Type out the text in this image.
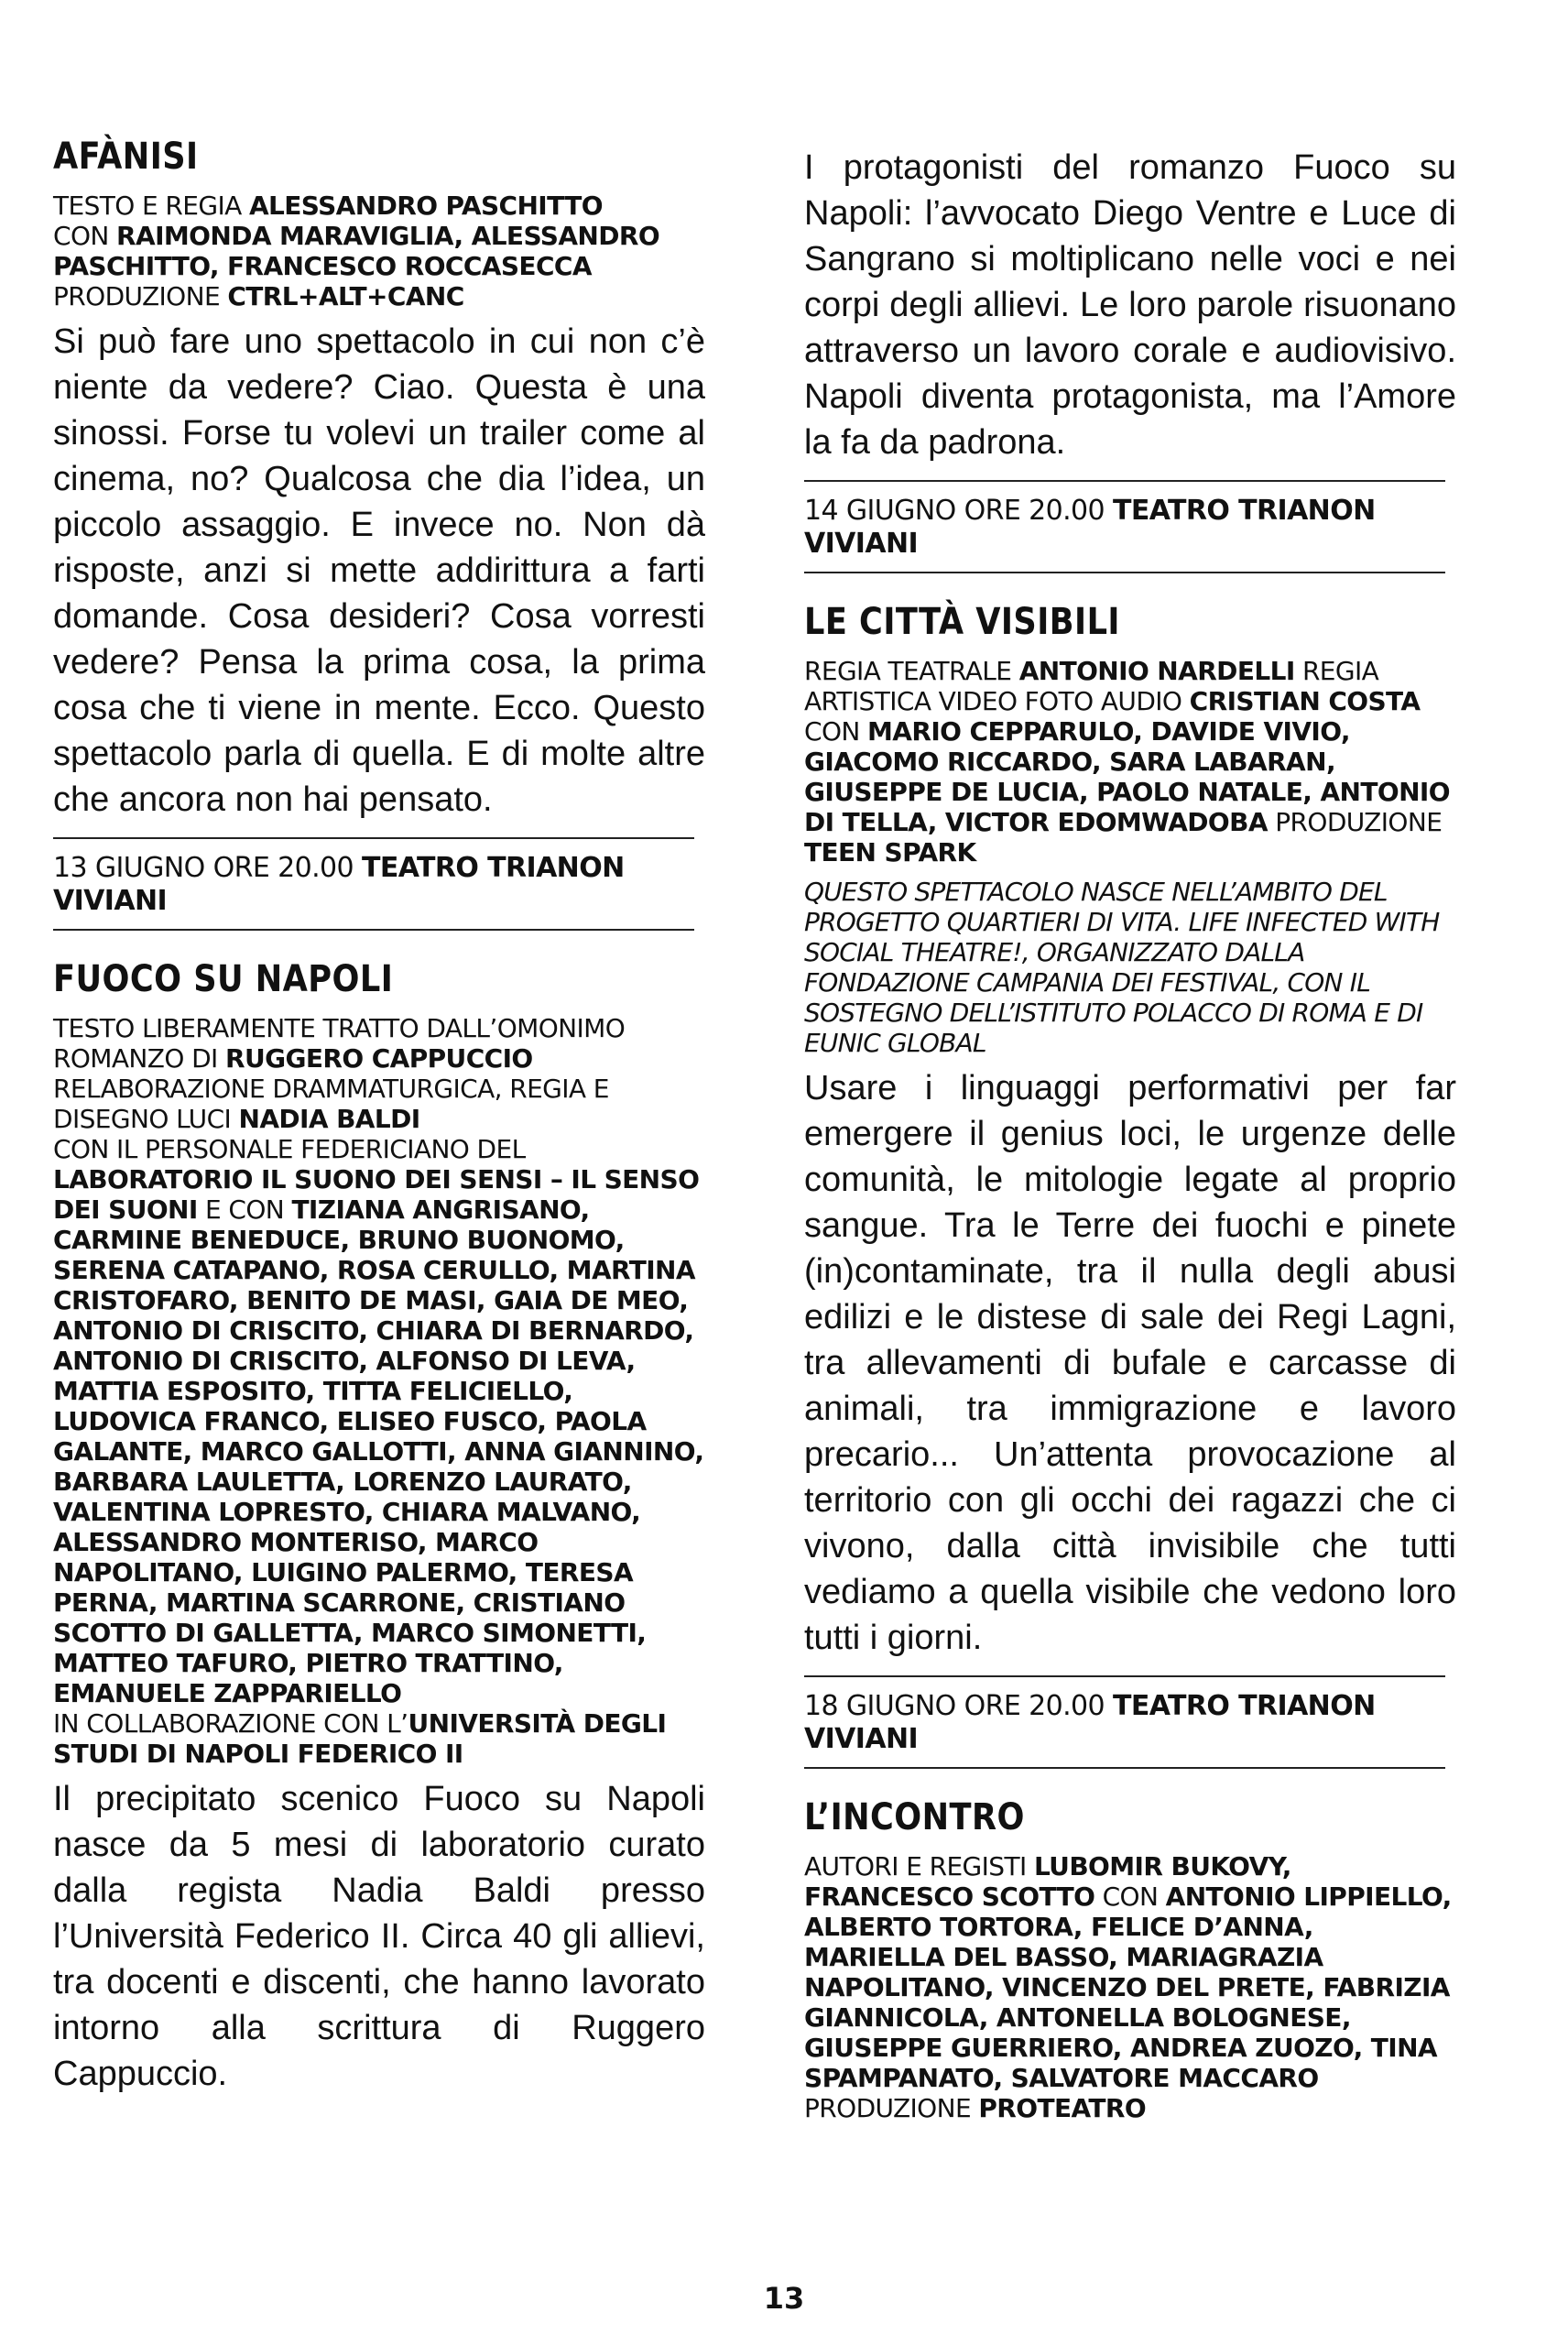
AFÀNISI
TESTO E REGIA ALESSANDRO PASCHITTO
CON RAIMONDA MARAVIGLIA, ALESSANDRO PASCHITTO, FRANCESCO ROCCASECCA
PRODUZIONE CTRL+ALT+CANC

Si può fare uno spettacolo in cui non c’è niente da vedere? Ciao. Questa è una sinossi. Forse tu volevi un trailer come al cinema, no? Qualcosa che dia l’idea, un piccolo assaggio. E invece no. Non dà risposte, anzi si mette addirittura a farti domande. Cosa desideri? Cosa vorresti vedere? Pensa la prima cosa, la prima cosa che ti viene in mente. Ecco. Questo spettacolo parla di quella. E di molte altre che ancora non hai pensato.

13 GIUGNO ORE 20.00 TEATRO TRIANON VIVIANI
FUOCO SU NAPOLI
TESTO LIBERAMENTE TRATTO DALL’OMONIMO ROMANZO DI RUGGERO CAPPUCCIO
RELABORAZIONE DRAMMATURGICA, REGIA E DISEGNO LUCI NADIA BALDI
CON IL PERSONALE FEDERICIANO DEL LABORATORIO IL SUONO DEI SENSI – IL SENSO DEI SUONI E CON TIZIANA ANGRISANO, CARMINE BENEDUCE, BRUNO BUONOMO, SERENA CATAPANO, ROSA CERULLO, MARTINA CRISTOFARO, BENITO DE MASI, GAIA DE MEO, ANTONIO DI CRISCITO, CHIARA DI BERNARDO, ANTONIO DI CRISCITO, ALFONSO DI LEVA, MATTIA ESPOSITO, TITTA FELICIELLO, LUDOVICA FRANCO, ELISEO FUSCO, PAOLA GALANTE, MARCO GALLOTTI, ANNA GIANNINO, BARBARA LAULETTA, LORENZO LAURATO, VALENTINA LOPRESTO, CHIARA MALVANO, ALESSANDRO MONTERISO, MARCO NAPOLITANO, LUIGINO PALERMO, TERESA PERNA, MARTINA SCARRONE, CRISTIANO SCOTTO DI GALLETTA, MARCO SIMONETTI, MATTEO TAFURO, PIETRO TRATTINO, EMANUELE ZAPPARIELLO
IN COLLABORAZIONE CON L’UNIVERSITÀ DEGLI STUDI DI NAPOLI FEDERICO II

Il precipitato scenico Fuoco su Napoli nasce da 5 mesi di laboratorio curato dalla regista Nadia Baldi presso l’Università Federico II. Circa 40 gli allievi, tra docenti e discenti, che hanno lavorato intorno alla scrittura di Ruggero Cappuccio.

I protagonisti del romanzo Fuoco su Napoli: l’avvocato Diego Ventre e Luce di Sangrano si moltiplicano nelle voci e nei corpi degli allievi. Le loro parole risuonano attraverso un lavoro corale e audiovisivo. Napoli diventa protagonista, ma l’Amore la fa da padrona.

14 GIUGNO ORE 20.00 TEATRO TRIANON VIVIANI
LE CITTÀ VISIBILI
REGIA TEATRALE ANTONIO NARDELLI REGIA ARTISTICA VIDEO FOTO AUDIO CRISTIAN COSTA CON MARIO CEPPARULO, DAVIDE VIVIO, GIACOMO RICCARDO, SARA LABARAN, GIUSEPPE DE LUCIA, PAOLO NATALE, ANTONIO DI TELLA, VICTOR EDOMWADOBA PRODUZIONE TEEN SPARK
QUESTO SPETTACOLO NASCE NELL’AMBITO DEL PROGETTO QUARTIERI DI VITA. LIFE INFECTED WITH SOCIAL THEATRE!, ORGANIZZATO DALLA FONDAZIONE CAMPANIA DEI FESTIVAL, CON IL SOSTEGNO DELL’ISTITUTO POLACCO DI ROMA E DI EUNIC GLOBAL

Usare i linguaggi performativi per far emergere il genius loci, le urgenze delle comunità, le mitologie legate al proprio sangue. Tra le Terre dei fuochi e pinete (in)contaminate, tra il nulla degli abusi edilizi e le distese di sale dei Regi Lagni, tra allevamenti di bufale e carcasse di animali, tra immigrazione e lavoro precario... Un’attenta provocazione al territorio con gli occhi dei ragazzi che ci vivono, dalla città invisibile che tutti vediamo a quella visibile che vedono loro tutti i giorni.

18 GIUGNO ORE 20.00 TEATRO TRIANON VIVIANI
L’INCONTRO
AUTORI E REGISTI LUBOMIR BUKOVY, FRANCESCO SCOTTO CON ANTONIO LIPPIELLO, ALBERTO TORTORA, FELICE D’ANNA, MARIELLA DEL BASSO, MARIAGRAZIA NAPOLITANO, VINCENZO DEL PRETE, FABRIZIA GIANNICOLA, ANTONELLA BOLOGNESE, GIUSEPPE GUERRIERO, ANDREA ZUOZO, TINA SPAMPANATO, SALVATORE MACCARO PRODUZIONE PROTEATRO
13
